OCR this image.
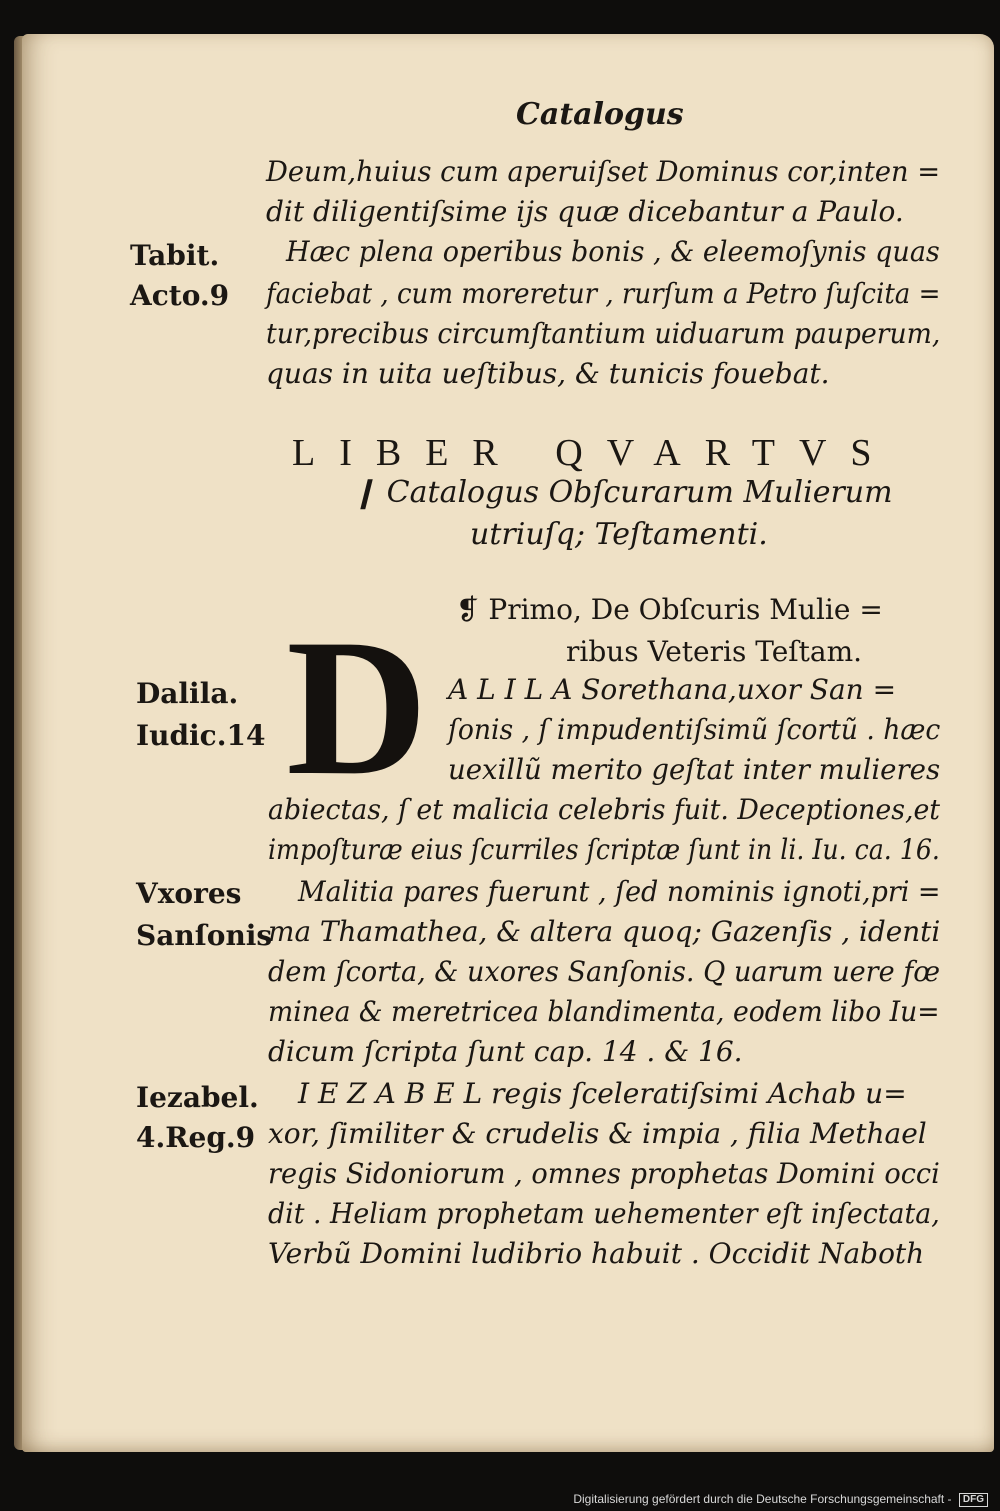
Catalogus
Deum,huius cum aperuiſset Dominus cor,inten =
dit diligentiſsime ijs quæ dicebantur a Paulo.
Hæc plena operibus bonis , & eleemoſynis quas
faciebat , cum moreretur , rurſum a Petro ſuſcita =
tur,precibus circumſtantium uiduarum pauperum,
quas in uita ueſtibus, & tunicis fouebat.
Tabit.
Acto.9
LIBER QVARTVS
❙ Catalogus Obſcurarum Mulierum
utriuſq; Teſtamenti.
❡ Primo, De Obſcuris Mulie =
ribus Veteris Teſtam.
D A L I L A Sorethana,uxor San =
ſonis , ſ impudentiſsimũ ſcortũ . hæc
uexillũ merito geſtat inter mulieres
abiectas, ſ et malicia celebris fuit. Deceptiones,et
impoſturæ eius ſcurriles ſcriptæ ſunt in li. Iu. ca. 16.
Malitia pares fuerunt , ſed nominis ignoti,pri =
ma Thamathea, & altera quoq; Gazenſis , identi
dem ſcorta, & uxores Sanſonis. Q uarum uere fœ
minea & meretricea blandimenta, eodem libo Iu=
dicum ſcripta ſunt cap. 14 . & 16.
I E Z A B E L regis ſceleratiſsimi Achab u=
xor, ſimiliter & crudelis & impia , filia Methael
regis Sidoniorum , omnes prophetas Domini occi
dit . Heliam prophetam uehementer eſt inſectata,
Verbũ Domini ludibrio habuit . Occidit Naboth
Dalila.
Iudic.14
Vxores
Sanſonis
Iezabel.
4.Reg.9
Digitalisierung gefördert durch die Deutsche Forschungsgemeinschaft - DFG
